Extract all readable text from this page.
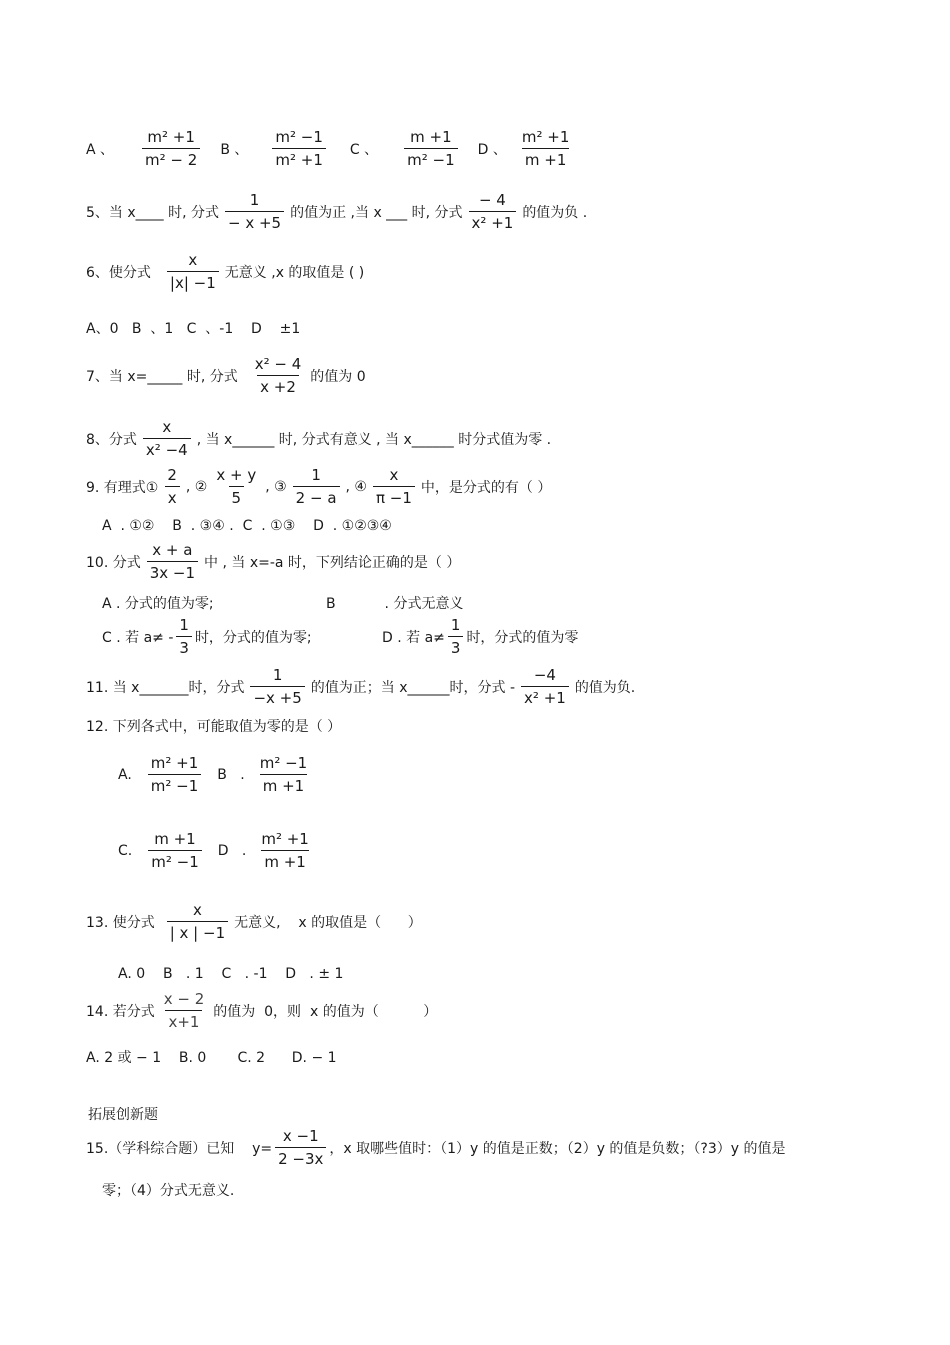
A 、 $\frac{\text{m² +1}}{\text{m² − 2}}$ B 、 $\frac{\text{m² −1}}{\text{m² +1}}$ C 、 $\frac{m +1}{\text{m² −1}}$ D 、 $\frac{\text{m² +1}}{m +1}$
5、当 x____ 时, 分式 $\frac{1}{- x +5}$ 的值为正 ,当 x ___ 时, 分式 $\frac{- 4}{\text{x² +1}}$ 的值为负 .
6、使分式 $\frac{x}{|x| -1}$ 无意义 ,x 的取值是 ( )
A、0   B  、1   C  、-1    D    ±1
7、当 x=_____ 时, 分式 $\frac{\text{x² − 4}}{x +2}$ 的值为 0
8、分式 $\frac{x}{\text{x² −4}}$ , 当 x______ 时, 分式有意义 , 当 x______ 时分式值为零 .
9. 有理式① $\frac{2}{x}$ , ② $\frac{x + y}{5}$ , ③ $\frac{1}{2 - a}$ , ④ $\frac{x}{\pi -1}$ 中，是分式的有（ ）
A  . ①②    B  . ③④ .  C  . ①③    D  . ①②③④
10. 分式 $\frac{x + a}{3x -1}$ 中 , 当 x=-a 时，下列结论正确的是（ ）
A . 分式的值为零;	B           . 分式无意义
C . 若 $a\ne - \frac{1}{3}$ 时，分式的值为零;	D . 若 $a\ne \frac{1}{3}$ 时，分式的值为零
11. 当 x_______时，分式 $\frac{1}{-x +5}$ 的值为正；当 x______时，分式 - $\frac{-4}{\text{x² +1}}$ 的值为负.
12. 下列各式中，可能取值为零的是（ ）
A. $\frac{\text{m² +1}}{\text{m² −1}}$ B   . $\frac{\text{m² −1}}{m +1}$
C. $\frac{m +1}{\text{m² −1}}$ D   . $\frac{\text{m² +1}}{m +1}$
13. 使分式 $\frac{x}{| x | -1}$ 无意义,    x 的取值是（      ）
A. 0    B   . 1    C   . -1    D   . ± 1
14. 若分式 $\frac{x - 2}{x+1}$ 的值为  0，则  x 的值为（          ）
A. 2 或 − 1    B. 0       C. 2      D. − 1
拓展创新题
15.（学科综合题）已知    $y= \frac{x -1}{2 -3x}$ ，x 取哪些值时：（1）y 的值是正数；（2）y 的值是负数；（?3）y 的值是
零；（4）分式无意义.
